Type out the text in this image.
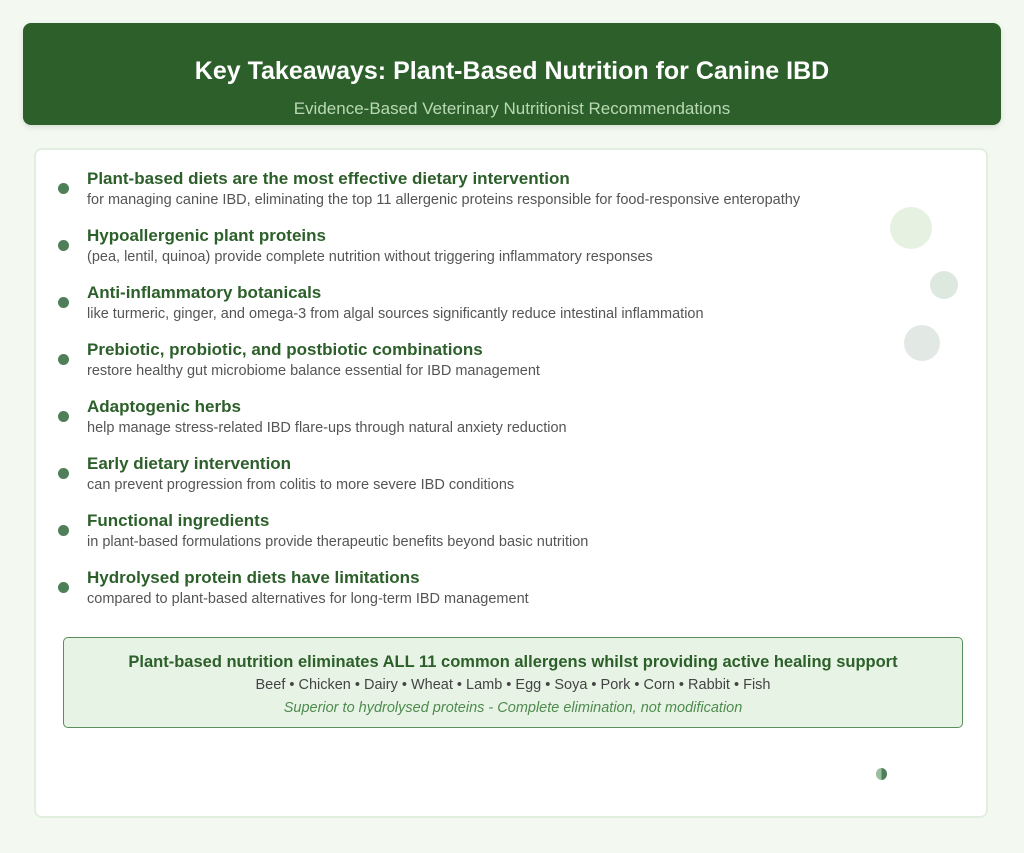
Key Takeaways: Plant-Based Nutrition for Canine IBD
Evidence-Based Veterinary Nutritionist Recommendations
Plant-based diets are the most effective dietary intervention
for managing canine IBD, eliminating the top 11 allergenic proteins responsible for food-responsive enteropathy
Hypoallergenic plant proteins
(pea, lentil, quinoa) provide complete nutrition without triggering inflammatory responses
Anti-inflammatory botanicals
like turmeric, ginger, and omega-3 from algal sources significantly reduce intestinal inflammation
Prebiotic, probiotic, and postbiotic combinations
restore healthy gut microbiome balance essential for IBD management
Adaptogenic herbs
help manage stress-related IBD flare-ups through natural anxiety reduction
Early dietary intervention
can prevent progression from colitis to more severe IBD conditions
Functional ingredients
in plant-based formulations provide therapeutic benefits beyond basic nutrition
Hydrolysed protein diets have limitations
compared to plant-based alternatives for long-term IBD management
Plant-based nutrition eliminates ALL 11 common allergens whilst providing active healing support
Beef • Chicken • Dairy • Wheat • Lamb • Egg • Soya • Pork • Corn • Rabbit • Fish
Superior to hydrolysed proteins - Complete elimination, not modification
